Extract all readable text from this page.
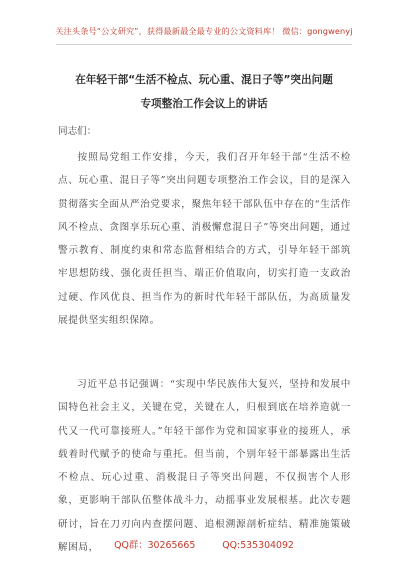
关注头条号“公文研究”，获得最新最全最专业的公文资料库！ 微信：gongwenyj
在年轻干部“生活不检点、玩心重、混日子等”突出问题
专项整治工作会议上的讲话
同志们：
按照局党组工作安排，今天，我们召开年轻干部“生活不检点、玩心重、混日子等”突出问题专项整治工作会议，目的是深入贯彻落实全面从严治党要求，聚焦年轻干部队伍中存在的“生活作风不检点、贪图享乐玩心重、消极懈怠混日子”等突出问题，通过警示教育、制度约束和常态监督相结合的方式，引导年轻干部筑牢思想防线、强化责任担当、端正价值取向，切实打造一支政治过硬、作风优良、担当作为的新时代年轻干部队伍，为高质量发展提供坚实组织保障。
习近平总书记强调：“实现中华民族伟大复兴，坚持和发展中国特色社会主义，关键在党，关键在人，归根到底在培养造就一代又一代可靠接班人。”年轻干部作为党和国家事业的接班人，承载着时代赋予的使命与重托。但当前，个别年轻干部暴露出生活不检点、玩心过重、消极混日子等突出问题，不仅损害个人形象，更影响干部队伍整体战斗力，动摇事业发展根基。此次专题研讨，旨在刀刃向内查摆问题、追根溯源剖析症结、精准施策破解困局，	QQ群：30265665	QQ:535304092
